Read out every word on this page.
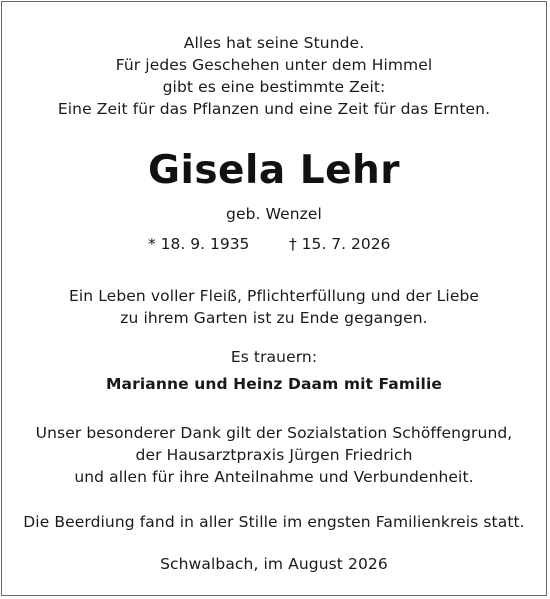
Alles hat seine Stunde.
Für jedes Geschehen unter dem Himmel
gibt es eine bestimmte Zeit:
Eine Zeit für das Pflanzen und eine Zeit für das Ernten.
Gisela Lehr
geb. Wenzel
* 18. 9. 1935	† 15. 7. 2026
Ein Leben voller Fleiß, Pflichterfüllung und der Liebe
zu ihrem Garten ist zu Ende gegangen.
Es trauern:
Marianne und Heinz Daam mit Familie
Unser besonderer Dank gilt der Sozialstation Schöffengrund,
der Hausarztpraxis Jürgen Friedrich
und allen für ihre Anteilnahme und Verbundenheit.
Die Beerdiung fand in aller Stille im engsten Familienkreis statt.
Schwalbach, im August 2026
